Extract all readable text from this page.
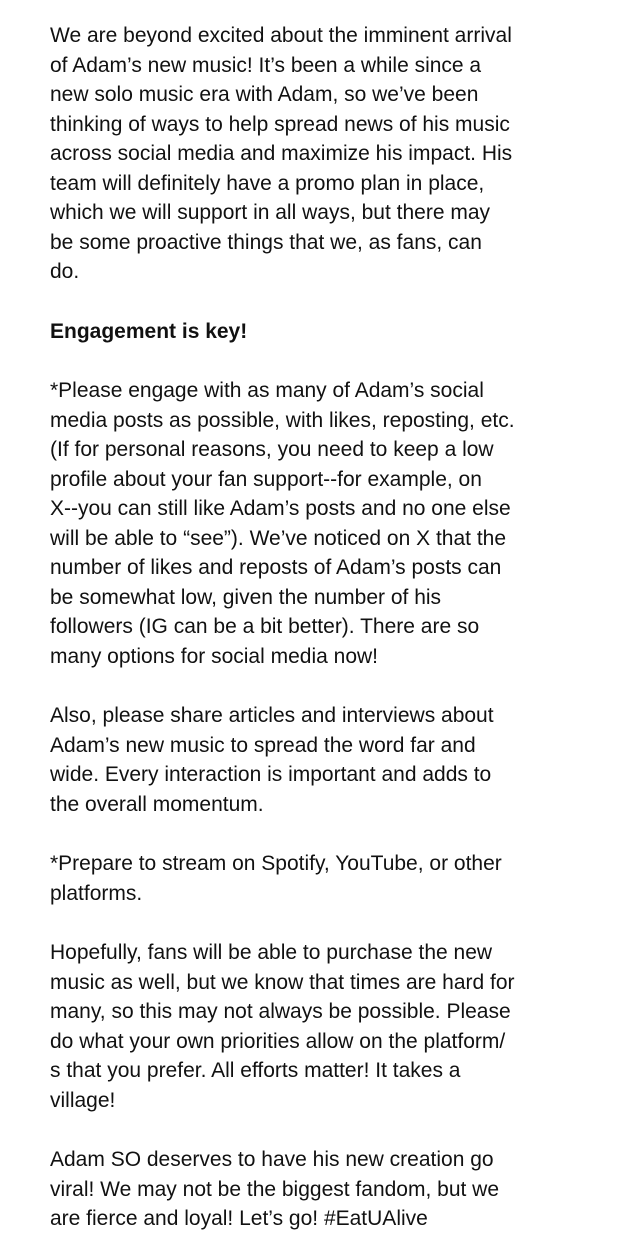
We are beyond excited about the imminent arrival
of Adam’s new music! It’s been a while since a
new solo music era with Adam, so we’ve been
thinking of ways to help spread news of his music
across social media and maximize his impact. His
team will definitely have a promo plan in place,
which we will support in all ways, but there may
be some proactive things that we, as fans, can
do.

Engagement is key!

*Please engage with as many of Adam’s social
media posts as possible, with likes, reposting, etc.
(If for personal reasons, you need to keep a low
profile about your fan support--for example, on
X--you can still like Adam’s posts and no one else
will be able to “see”). We’ve noticed on X that the
number of likes and reposts of Adam’s posts can
be somewhat low, given the number of his
followers (IG can be a bit better). There are so
many options for social media now!

Also, please share articles and interviews about
Adam’s new music to spread the word far and
wide. Every interaction is important and adds to
the overall momentum.

*Prepare to stream on Spotify, YouTube, or other
platforms.

Hopefully, fans will be able to purchase the new
music as well, but we know that times are hard for
many, so this may not always be possible. Please
do what your own priorities allow on the platform/
s that you prefer. All efforts matter! It takes a
village!

Adam SO deserves to have his new creation go
viral! We may not be the biggest fandom, but we
are fierce and loyal! Let’s go! #EatUAlive
